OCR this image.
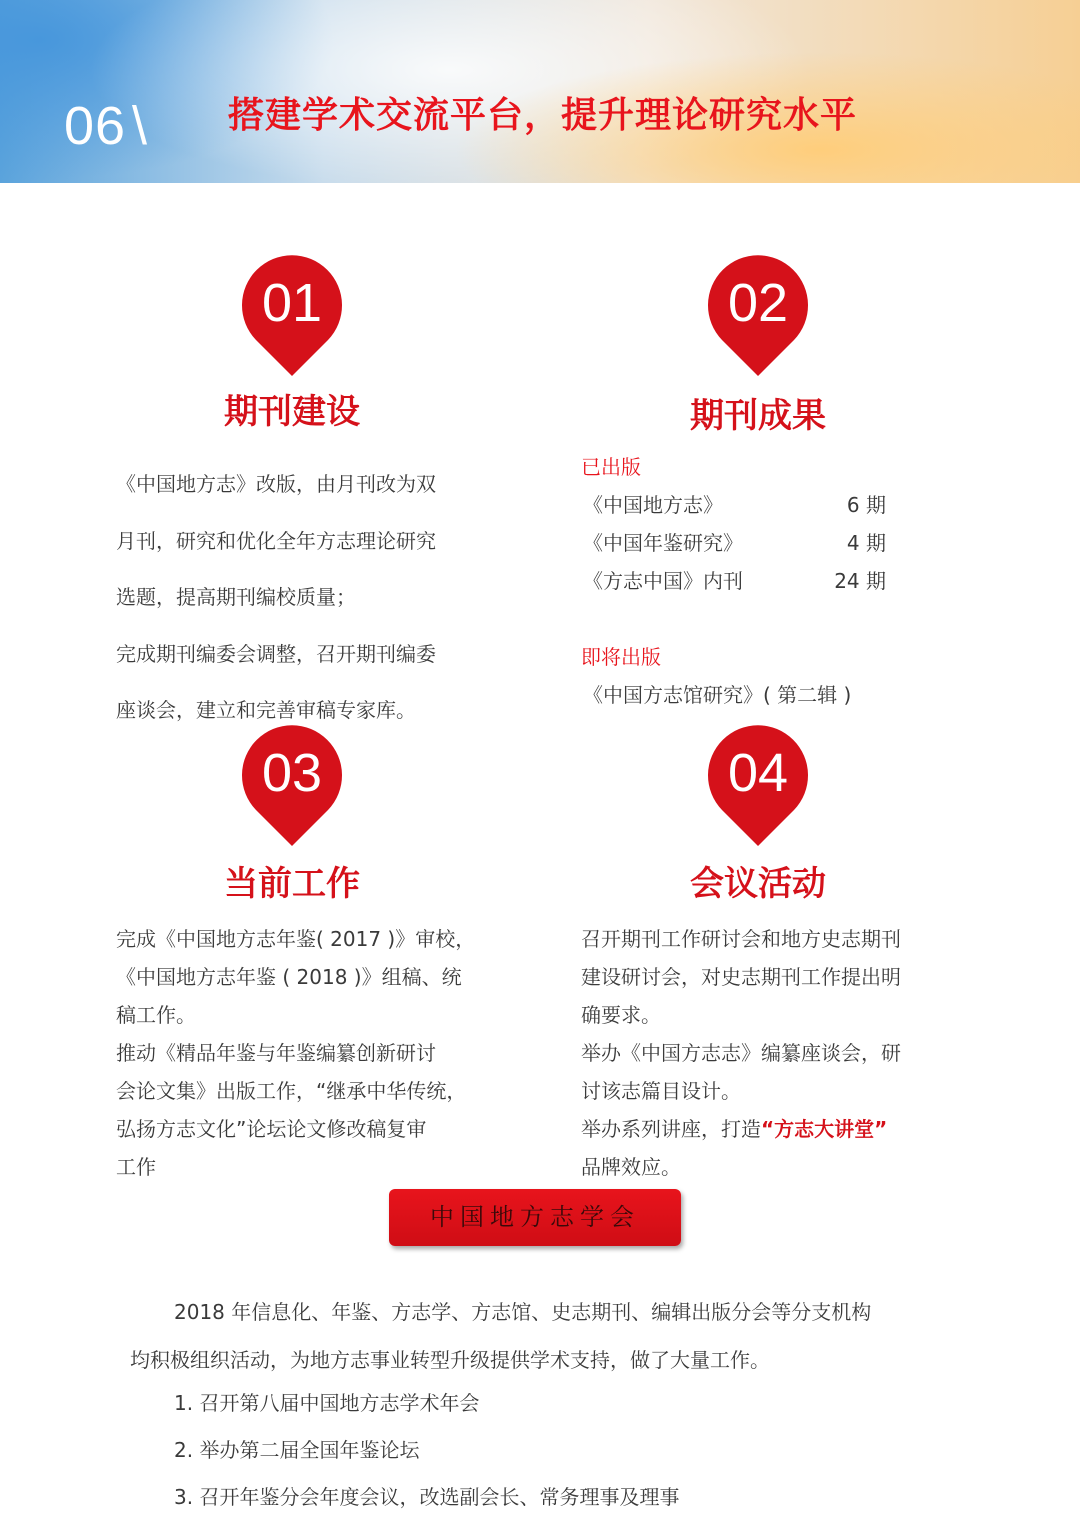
06 \ 搭建学术交流平台，提升理论研究水平
01
期刊建设

《中国地方志》改版，由月刊改为双

月刊，研究和优化全年方志理论研究

选题，提高期刊编校质量；

完成期刊编委会调整，召开期刊编委

座谈会，建立和完善审稿专家库。

02
期刊成果
已出版
《中国地方志》	6 期
《中国年鉴研究》	4 期
《方志中国》内刊	24 期
即将出版
《中国方志馆研究》( 第二辑 )
03
当前工作

完成《中国地方志年鉴( 2017 )》审校，

《中国地方志年鉴 ( 2018 )》组稿、统

稿工作。

推动《精品年鉴与年鉴编纂创新研讨

会论文集》出版工作，“继承中华传统，

弘扬方志文化”论坛论文修改稿复审

工作

04
会议活动

召开期刊工作研讨会和地方史志期刊

建设研讨会，对史志期刊工作提出明

确要求。

举办《中国方志志》编纂座谈会，研

讨该志篇目设计。

举办系列讲座，打造“方志大讲堂”

品牌效应。

中国地方志学会

2018 年信息化、年鉴、方志学、方志馆、史志期刊、编辑出版分会等分支机构

均积极组织活动，为地方志事业转型升级提供学术支持，做了大量工作。

1. 召开第八届中国地方志学术年会
2. 举办第二届全国年鉴论坛
3. 召开年鉴分会年度会议，改选副会长、常务理事及理事
